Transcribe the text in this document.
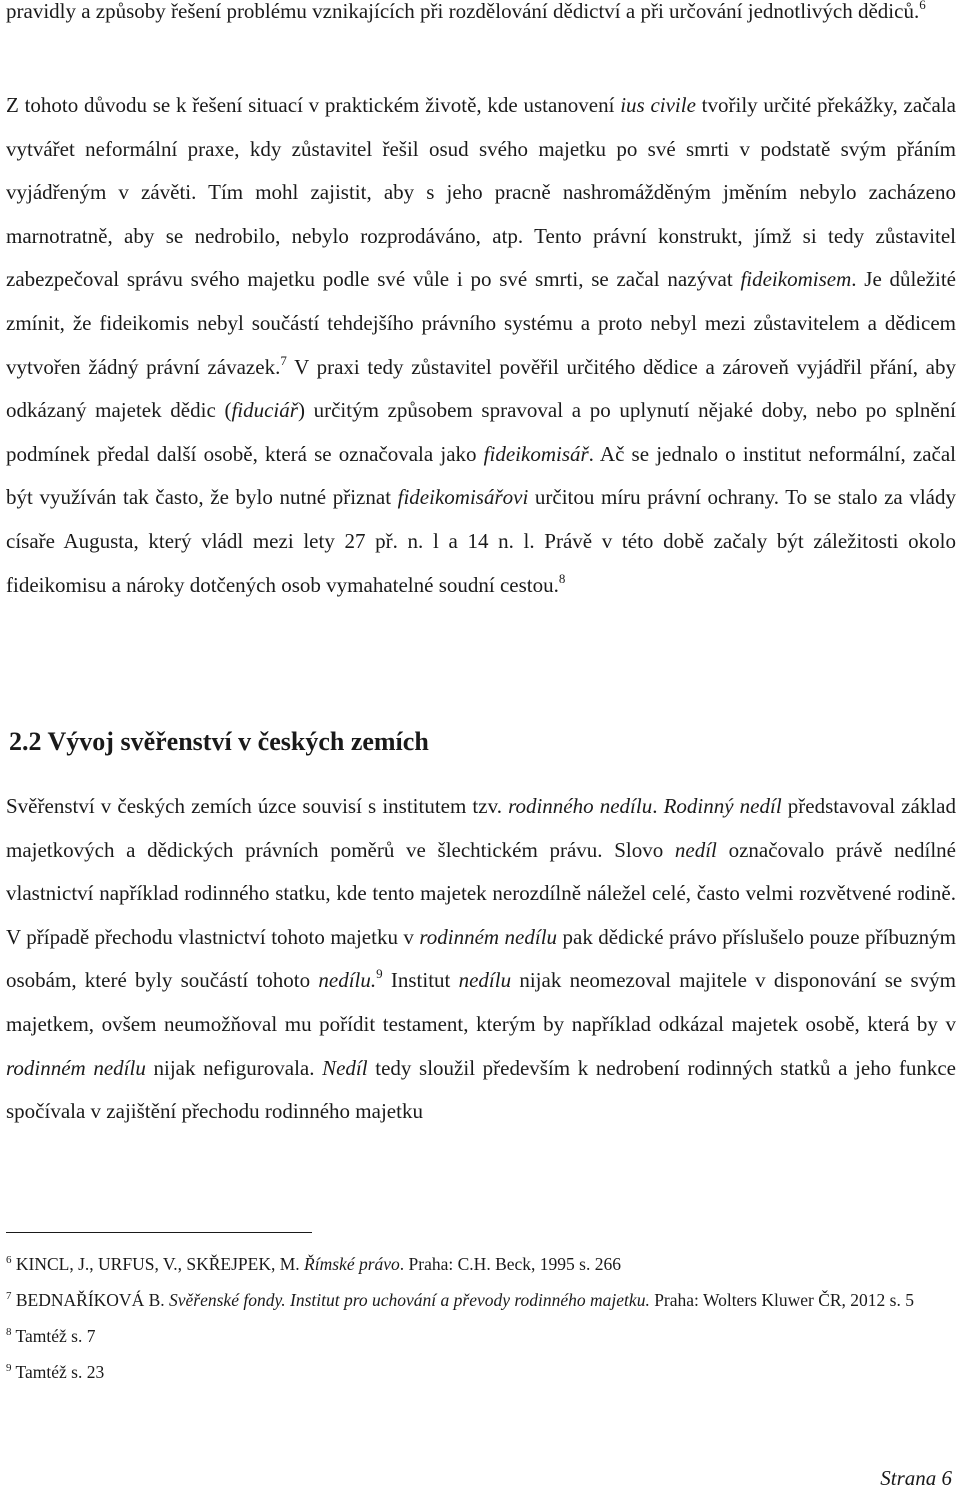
pravidly a způsoby řešení problému vznikajících při rozdělování dědictví a při určování jednotlivých dědiců.$^6$

Z tohoto důvodu se k řešení situací v praktickém životě, kde ustanovení ius civile tvořily určité překážky, začala vytvářet neformální praxe, kdy zůstavitel řešil osud svého majetku po své smrti v podstatě svým přáním vyjádřeným v závěti. Tím mohl zajistit, aby s jeho pracně nashromážděným jměním nebylo zacházeno marnotratně, aby se nedrobilo, nebylo rozprodáváno, atp. Tento právní konstrukt, jímž si tedy zůstavitel zabezpečoval správu svého majetku podle své vůle i po své smrti, se začal nazývat fideikomisem. Je důležité zmínit, že fideikomis nebyl součástí tehdejšího právního systému a proto nebyl mezi zůstavitelem a dědicem vytvořen žádný právní závazek.$^7$ V praxi tedy zůstavitel pověřil určitého dědice a zároveň vyjádřil přání, aby odkázaný majetek dědic (fiduciář) určitým způsobem spravoval a po uplynutí nějaké doby, nebo po splnění podmínek předal další osobě, která se označovala jako fideikomisář. Ač se jednalo o institut neformální, začal být využíván tak často, že bylo nutné přiznat fideikomisářovi určitou míru právní ochrany. To se stalo za vlády císaře Augusta, který vládl mezi lety 27 př. n. l a 14 n. l. Právě v této době začaly být záležitosti okolo fideikomisu a nároky dotčených osob vymahatelné soudní cestou.$^8$

2.2 Vývoj svěřenství v českých zemích

Svěřenství v českých zemích úzce souvisí s institutem tzv. rodinného nedílu. Rodinný nedíl představoval základ majetkových a dědických právních poměrů ve šlechtickém právu. Slovo nedíl označovalo právě nedílné vlastnictví například rodinného statku, kde tento majetek nerozdílně náležel celé, často velmi rozvětvené rodině. V případě přechodu vlastnictví tohoto majetku v rodinném nedílu pak dědické právo příslušelo pouze příbuzným osobám, které byly součástí tohoto nedílu.$^9$ Institut nedílu nijak neomezoval majitele v disponování se svým majetkem, ovšem neumožňoval mu pořídit testament, kterým by například odkázal majetek osobě, která by v rodinném nedílu nijak nefigurovala. Nedíl tedy sloužil především k nedrobení rodinných statků a jeho funkce spočívala v zajištění přechodu rodinného majetku

$^6$ KINCL, J., URFUS, V., SKŘEJPEK, M. Římské právo. Praha: C.H. Beck, 1995 s. 266

$^7$ BEDNAŘÍKOVÁ B. Svěřenské fondy. Institut pro uchování a převody rodinného majetku. Praha: Wolters Kluwer ČR, 2012 s. 5

$^8$ Tamtéž s. 7

$^9$ Tamtéž s. 23

Strana 6
